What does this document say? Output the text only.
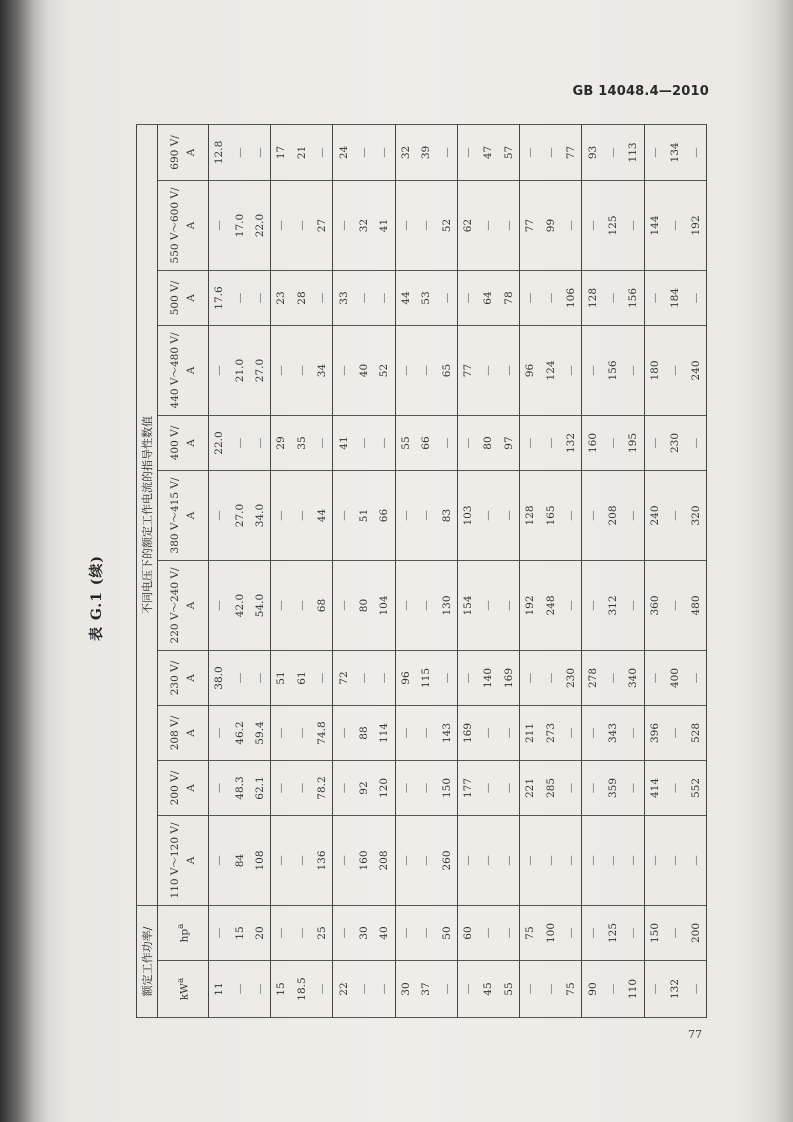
GB 14048.4—2010
表 G.1 (续)
额定工作功率/		不同电压下的额定工作电流的指导性数值										
$kW^a$	$hp^a$	110 V～120 V/ A	200 V/ A	208 V/ A	230 V/ A	220 V～240 V/ A	380 V～415 V/ A	400 V/ A	440 V～480 V/ A	500 V/ A	550 V～600 V/ A	690 V/ A
11	—	—	—	—	38.0	—	—	22.0	—	17.6	—	12.8
—	15	84	48.3	46.2	—	42.0	27.0	—	21.0	—	17.0	—
—	20	108	62.1	59.4	—	54.0	34.0	—	27.0	—	22.0	—
15	—	—	—	—	51	—	—	29	—	23	—	17
18.5	—	—	—	—	61	—	—	35	—	28	—	21
—	25	136	78.2	74.8	—	68	44	—	34	—	27	—
22	—	—	—	—	72	—	—	41	—	33	—	24
—	30	160	92	88	—	80	51	—	40	—	32	—
—	40	208	120	114	—	104	66	—	52	—	41	—
30	—	—	—	—	96	—	—	55	—	44	—	32
37	—	—	—	—	115	—	—	66	—	53	—	39
—	50	260	150	143	—	130	83	—	65	—	52	—
—	60	—	177	169	—	154	103	—	77	—	62	—
45	—	—	—	—	140	—	—	80	—	64	—	47
55	—	—	—	—	169	—	—	97	—	78	—	57
—	75	—	221	211	—	192	128	—	96	—	77	—
—	100	—	285	273	—	248	165	—	124	—	99	—
75	—	—	—	—	230	—	—	132	—	106	—	77
90	—	—	—	—	278	—	—	160	—	128	—	93
—	125	—	359	343	—	312	208	—	156	—	125	—
110	—	—	—	—	340	—	—	195	—	156	—	113
—	150	—	414	396	—	360	240	—	180	—	144	—
132	—	—	—	—	400	—	—	230	—	184	—	134
—	200	—	552	528	—	480	320	—	240	—	192	—
77
